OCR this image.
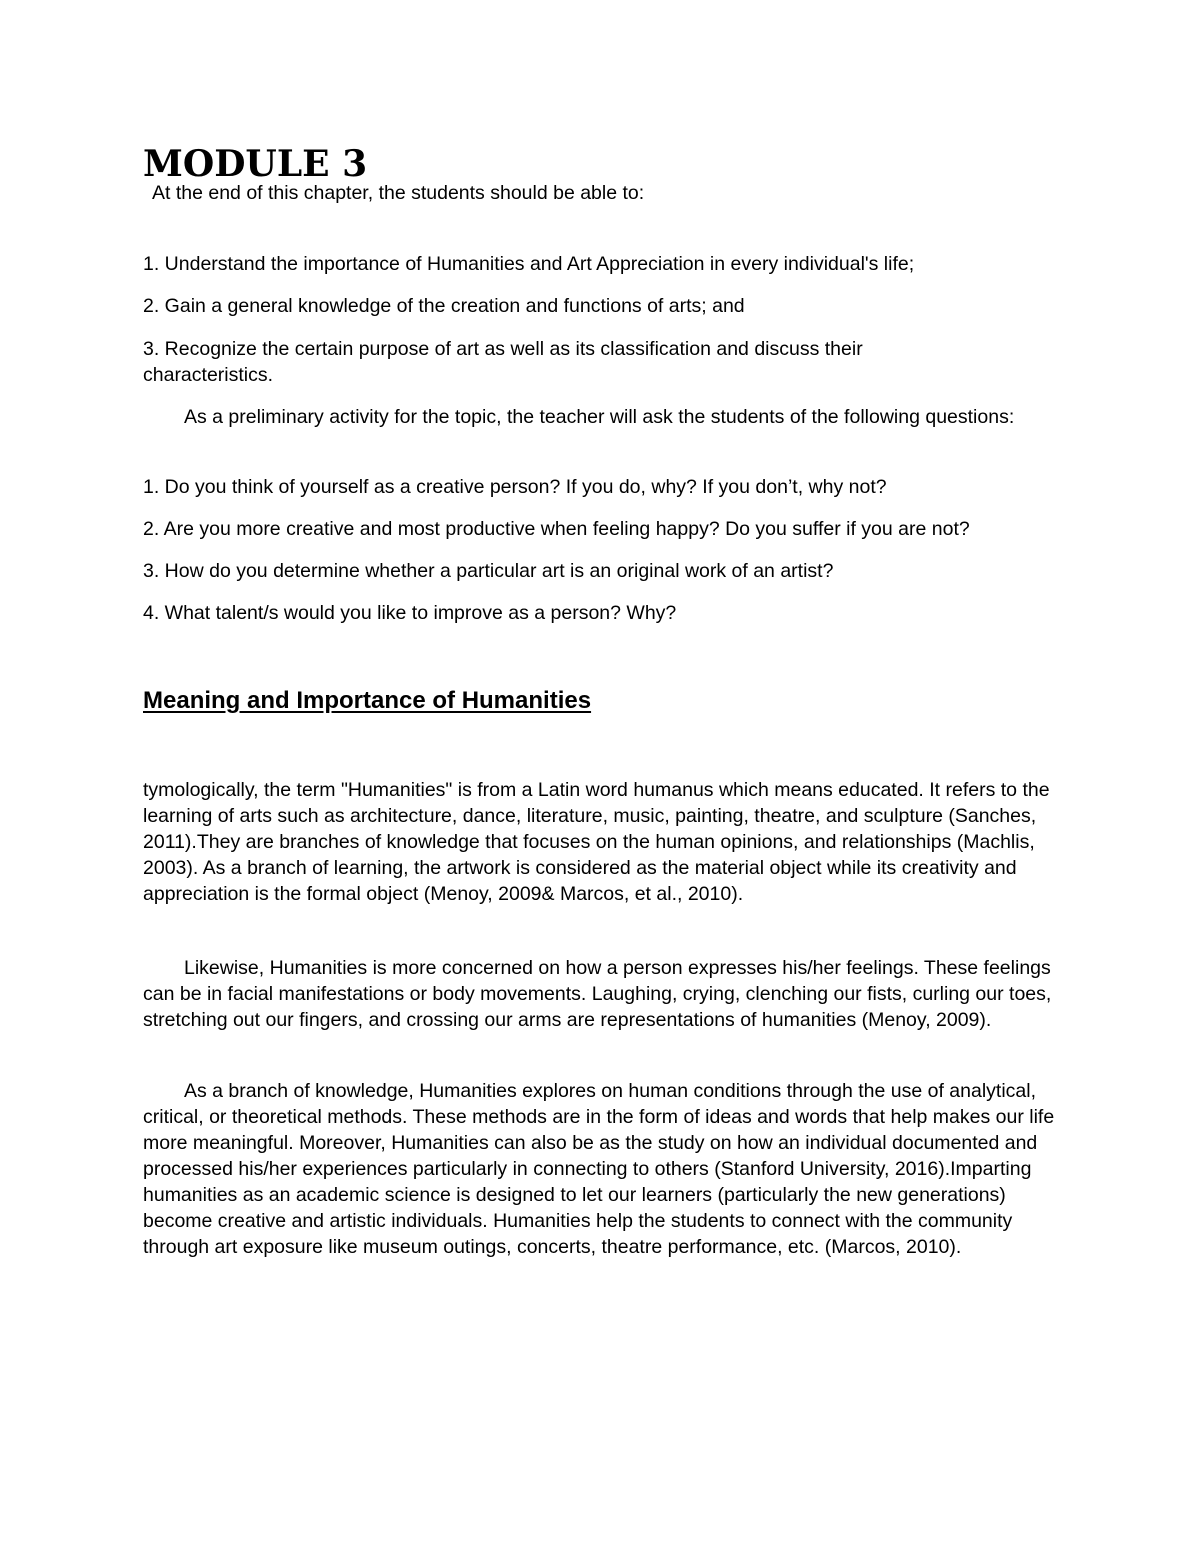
MODULE 3

At the end of this chapter, the students should be able to:

1. Understand the importance of Humanities and Art Appreciation in every individual's life;

2. Gain a general knowledge of the creation and functions of arts; and

3. Recognize the certain purpose of art as well as its classification and discuss their characteristics.

As a preliminary activity for the topic, the teacher will ask the students of the following questions:

1. Do you think of yourself as a creative person? If you do, why? If you don’t, why not?

2. Are you more creative and most productive when feeling happy? Do you suffer if you are not?

3. How do you determine whether a particular art is an original work of an artist?

4. What talent/s would you like to improve as a person? Why?

Meaning and Importance of Humanities

tymologically, the term "Humanities" is from a Latin word humanus which means educated. It refers to the learning of arts such as architecture, dance, literature, music, painting, theatre, and sculpture (Sanches, 2011).They are branches of knowledge that focuses on the human opinions, and relationships (Machlis, 2003). As a branch of learning, the artwork is considered as the material object while its creativity and appreciation is the formal object (Menoy, 2009& Marcos, et al., 2010).

Likewise, Humanities is more concerned on how a person expresses his/her feelings. These feelings can be in facial manifestations or body movements. Laughing, crying, clenching our fists, curling our toes, stretching out our fingers, and crossing our arms are representations of humanities (Menoy, 2009).

As a branch of knowledge, Humanities explores on human conditions through the use of analytical, critical, or theoretical methods. These methods are in the form of ideas and words that help makes our life more meaningful. Moreover, Humanities can also be as the study on how an individual documented and processed his/her experiences particularly in connecting to others (Stanford University, 2016).Imparting humanities as an academic science is designed to let our learners (particularly the new generations) become creative and artistic individuals. Humanities help the students to connect with the community through art exposure like museum outings, concerts, theatre performance, etc. (Marcos, 2010).
